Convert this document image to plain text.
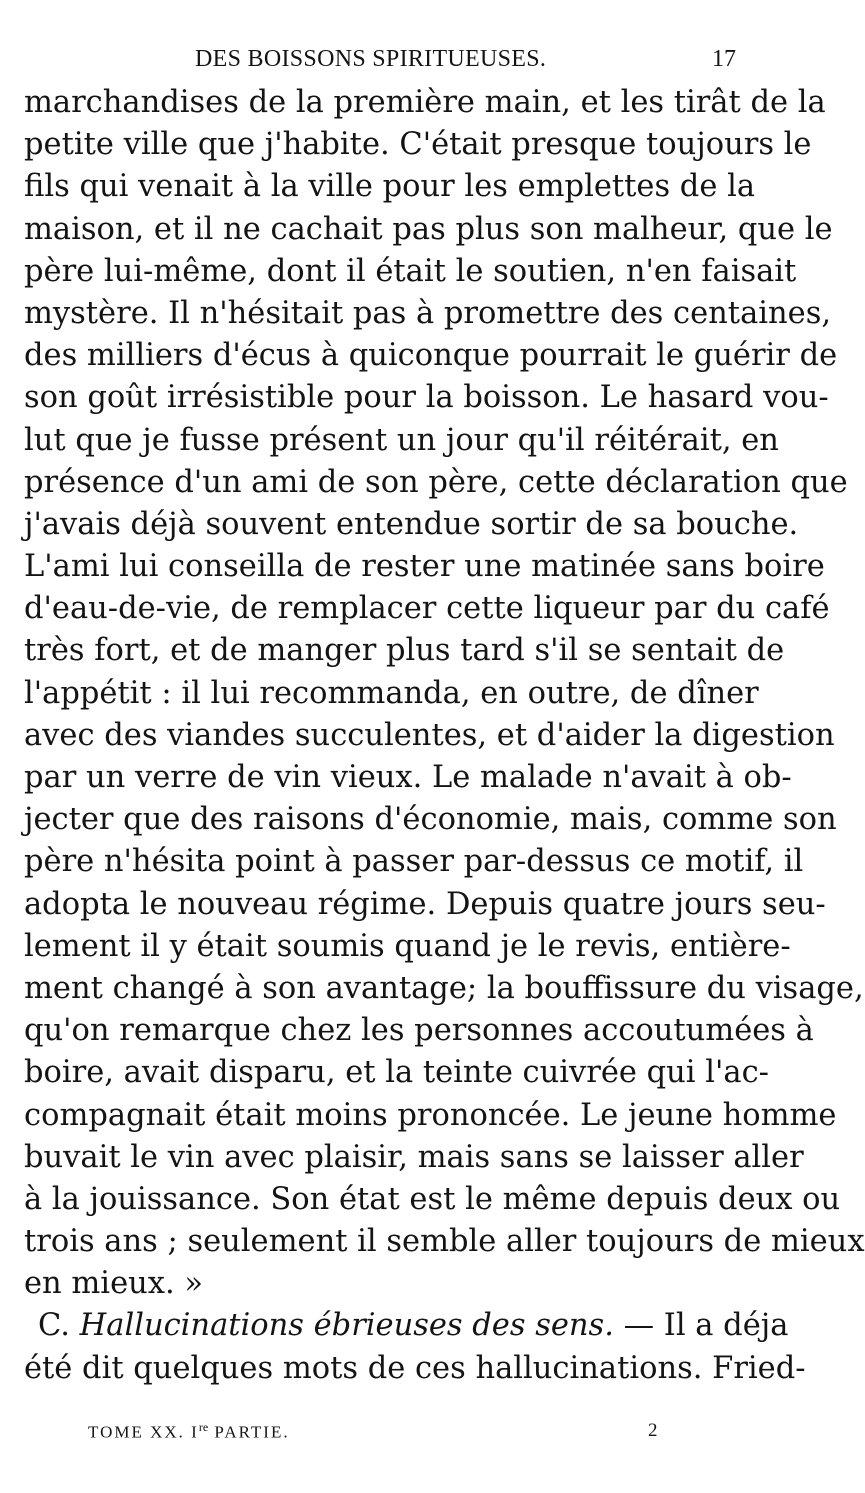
DES BOISSONS SPIRITUEUSES.	17
marchandises de la première main, et les tirât de la
petite ville que j'habite. C'était presque toujours le
fils qui venait à la ville pour les emplettes de la
maison, et il ne cachait pas plus son malheur, que le
père lui-même, dont il était le soutien, n'en faisait
mystère. Il n'hésitait pas à promettre des centaines,
des milliers d'écus à quiconque pourrait le guérir de
son goût irrésistible pour la boisson. Le hasard vou-
lut que je fusse présent un jour qu'il réitérait, en
présence d'un ami de son père, cette déclaration que
j'avais déjà souvent entendue sortir de sa bouche.
L'ami lui conseilla de rester une matinée sans boire
d'eau-de-vie, de remplacer cette liqueur par du café
très fort, et de manger plus tard s'il se sentait de
l'appétit : il lui recommanda, en outre, de dîner
avec des viandes succulentes, et d'aider la digestion
par un verre de vin vieux. Le malade n'avait à ob-
jecter que des raisons d'économie, mais, comme son
père n'hésita point à passer par-dessus ce motif, il
adopta le nouveau régime. Depuis quatre jours seu-
lement il y était soumis quand je le revis, entière-
ment changé à son avantage; la bouffissure du visage,
qu'on remarque chez les personnes accoutumées à
boire, avait disparu, et la teinte cuivrée qui l'ac-
compagnait était moins prononcée. Le jeune homme
buvait le vin avec plaisir, mais sans se laisser aller
à la jouissance. Son état est le même depuis deux ou
trois ans ; seulement il semble aller toujours de mieux
en mieux. »
C. Hallucinations ébrieuses des sens. — Il a déja
été dit quelques mots de ces hallucinations. Fried-
TOME XX. Ire PARTIE.	2
